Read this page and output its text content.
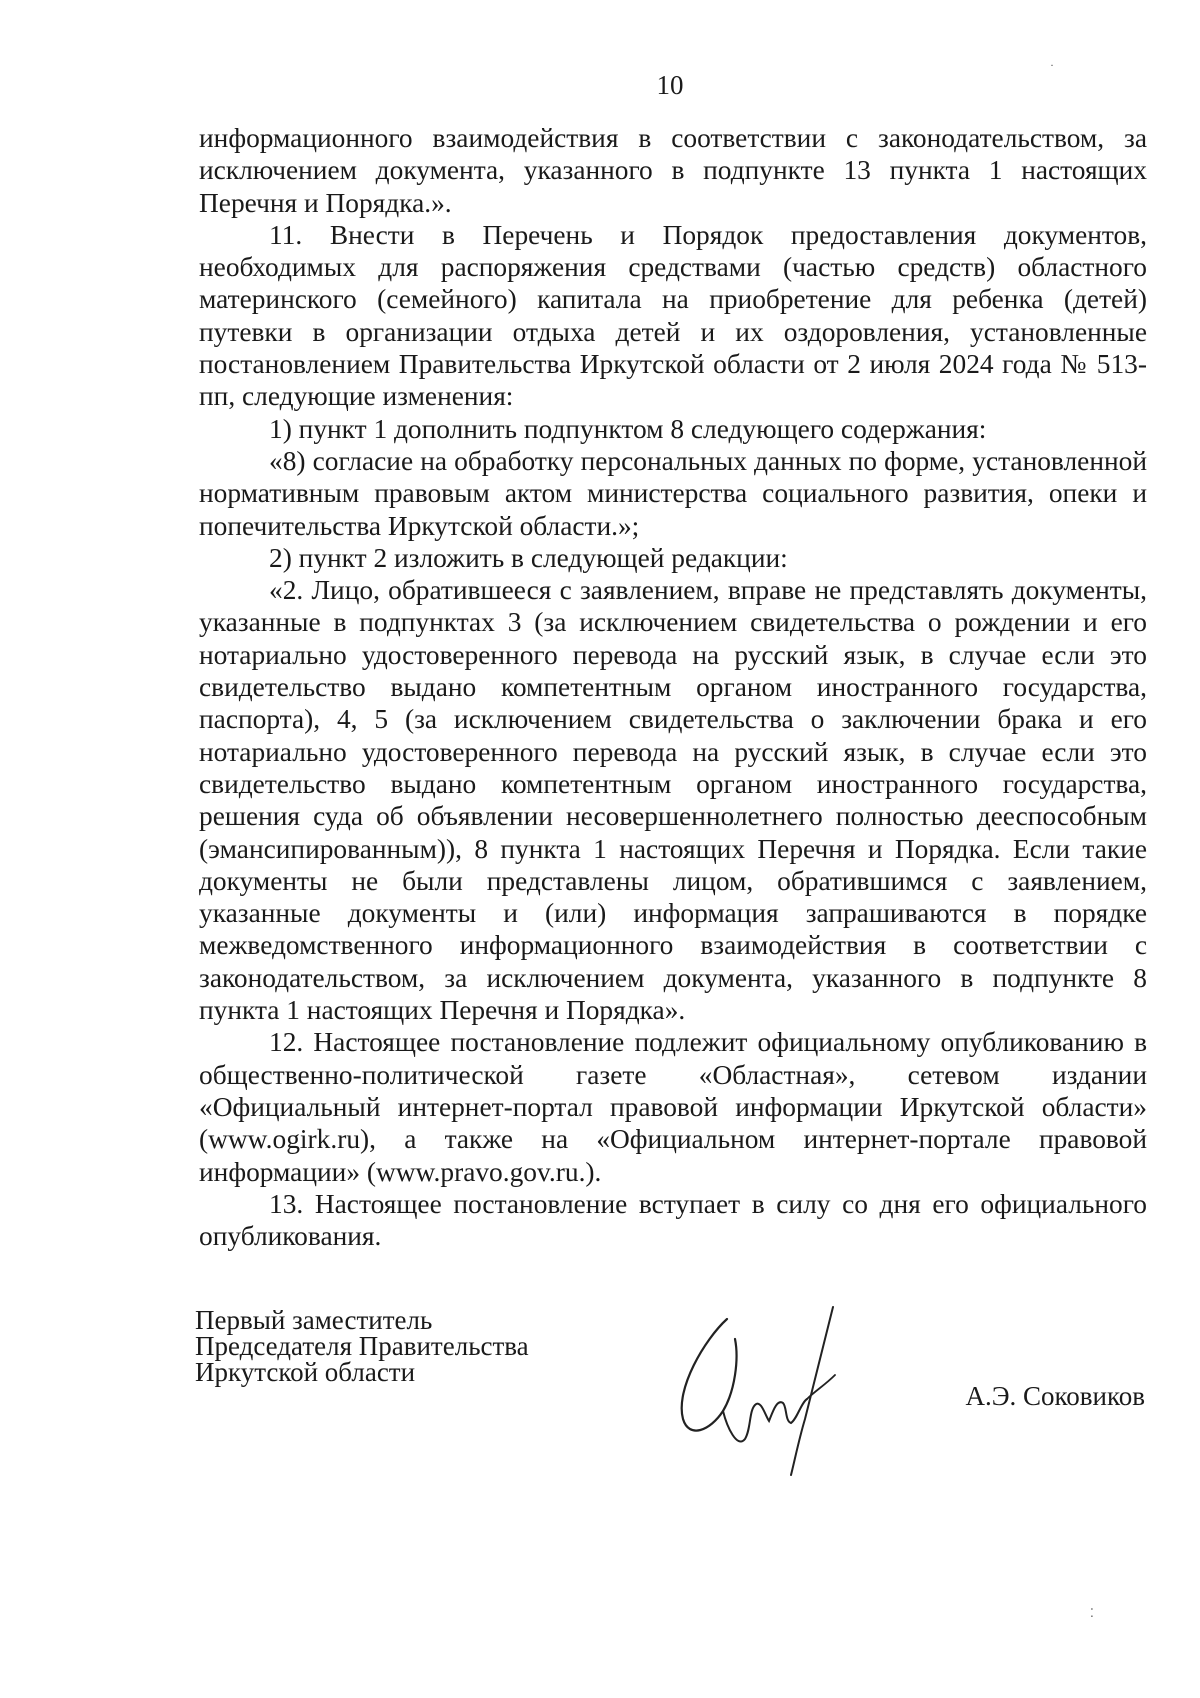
10

информационного взаимодействия в соответствии с законодательством, за исключением документа, указанного в подпункте 13 пункта 1 настоящих Перечня и Порядка.».

11. Внести в Перечень и Порядок предоставления документов, необходимых для распоряжения средствами (частью средств) областного материнского (семейного) капитала на приобретение для ребенка (детей) путевки в организации отдыха детей и их оздоровления, установленные постановлением Правительства Иркутской области от 2 июля 2024 года № 513-пп, следующие изменения:

1) пункт 1 дополнить подпунктом 8 следующего содержания:

«8) согласие на обработку персональных данных по форме, установленной нормативным правовым актом министерства социального развития, опеки и попечительства Иркутской области.»;

2) пункт 2 изложить в следующей редакции:

«2. Лицо, обратившееся с заявлением, вправе не представлять документы, указанные в подпунктах 3 (за исключением свидетельства о рождении и его нотариально удостоверенного перевода на русский язык, в случае если это свидетельство выдано компетентным органом иностранного государства, паспорта), 4, 5 (за исключением свидетельства о заключении брака и его нотариально удостоверенного перевода на русский язык, в случае если это свидетельство выдано компетентным органом иностранного государства, решения суда об объявлении несовершеннолетнего полностью дееспособным (эмансипированным)), 8 пункта 1 настоящих Перечня и Порядка. Если такие документы не были представлены лицом, обратившимся с заявлением, указанные документы и (или) информация запрашиваются в порядке межведомственного информационного взаимодействия в соответствии с законодательством, за исключением документа, указанного в подпункте 8 пункта 1 настоящих Перечня и Порядка».

12. Настоящее постановление подлежит официальному опубликованию в общественно-политической газете «Областная», сетевом издании «Официальный интернет-портал правовой информации Иркутской области» (www.ogirk.ru), а также на «Официальном интернет-портале правовой информации» (www.pravo.gov.ru.).

13. Настоящее постановление вступает в силу со дня его официального опубликования.

Первый заместитель
Председателя Правительства
Иркутской области
А.Э. Соковиков
·
⁚
